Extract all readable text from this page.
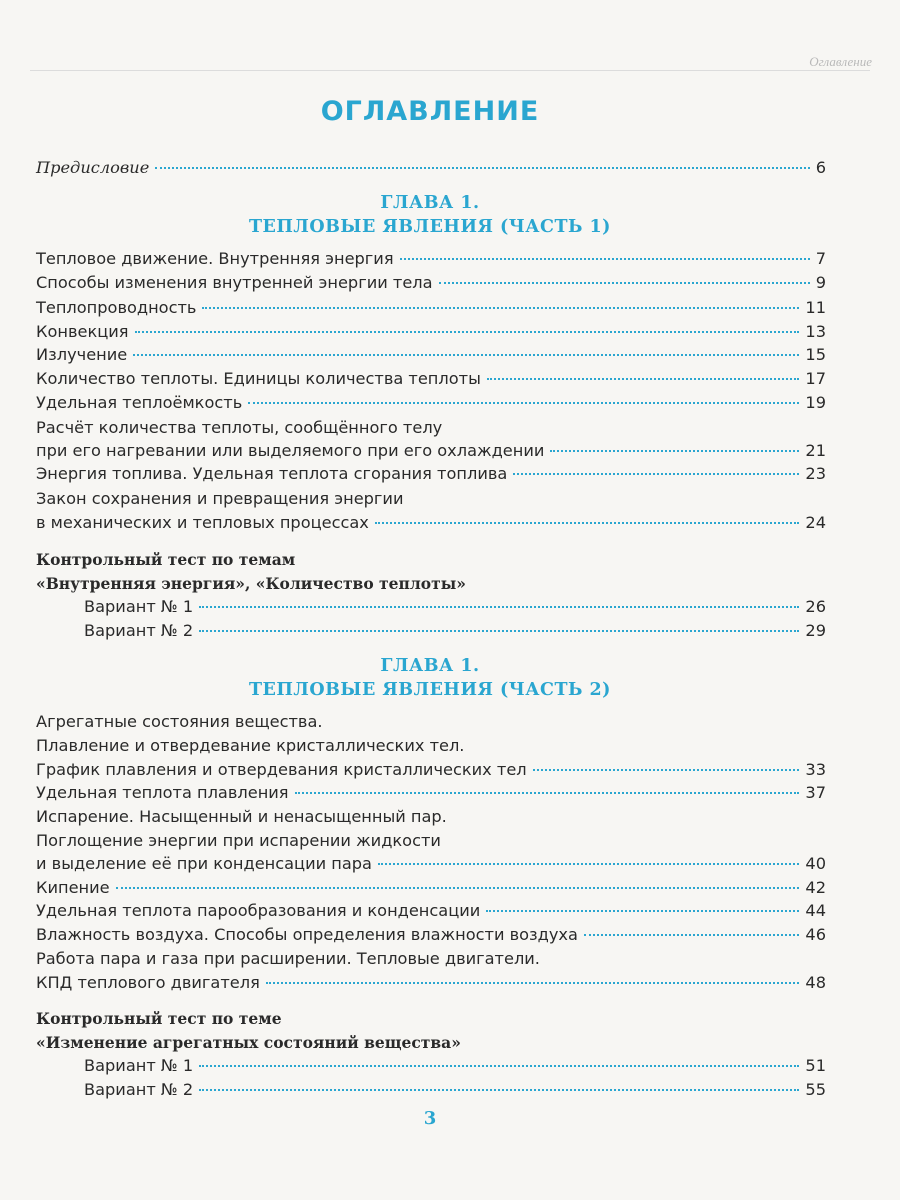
Оглавление
ОГЛАВЛЕНИЕ
Предисловие	6
ГЛАВА 1.
ТЕПЛОВЫЕ ЯВЛЕНИЯ (ЧАСТЬ 1)
Тепловое движение. Внутренняя энергия	7
Способы изменения внутренней энергии тела	9
Теплопроводность	11
Конвекция	13
Излучение	15
Количество теплоты. Единицы количества теплоты	17
Удельная теплоёмкость	19
Расчёт количества теплоты, сообщённого телу
при его нагревании или выделяемого при его охлаждении	21
Энергия топлива. Удельная теплота сгорания топлива	23
Закон сохранения и превращения энергии
в механических и тепловых процессах	24
Контрольный тест по темам
«Внутренняя энергия», «Количество теплоты»
Вариант № 1	26
Вариант № 2	29
ГЛАВА 1.
ТЕПЛОВЫЕ ЯВЛЕНИЯ (ЧАСТЬ 2)
Агрегатные состояния вещества.
Плавление и отвердевание кристаллических тел.
График плавления и отвердевания кристаллических тел	33
Удельная теплота плавления	37
Испарение. Насыщенный и ненасыщенный пар.
Поглощение энергии при испарении жидкости
и выделение её при конденсации пара	40
Кипение	42
Удельная теплота парообразования и конденсации	44
Влажность воздуха. Способы определения влажности воздуха	46
Работа пара и газа при расширении. Тепловые двигатели.
КПД теплового двигателя	48
Контрольный тест по теме
«Изменение агрегатных состояний вещества»
Вариант № 1	51
Вариант № 2	55
3
